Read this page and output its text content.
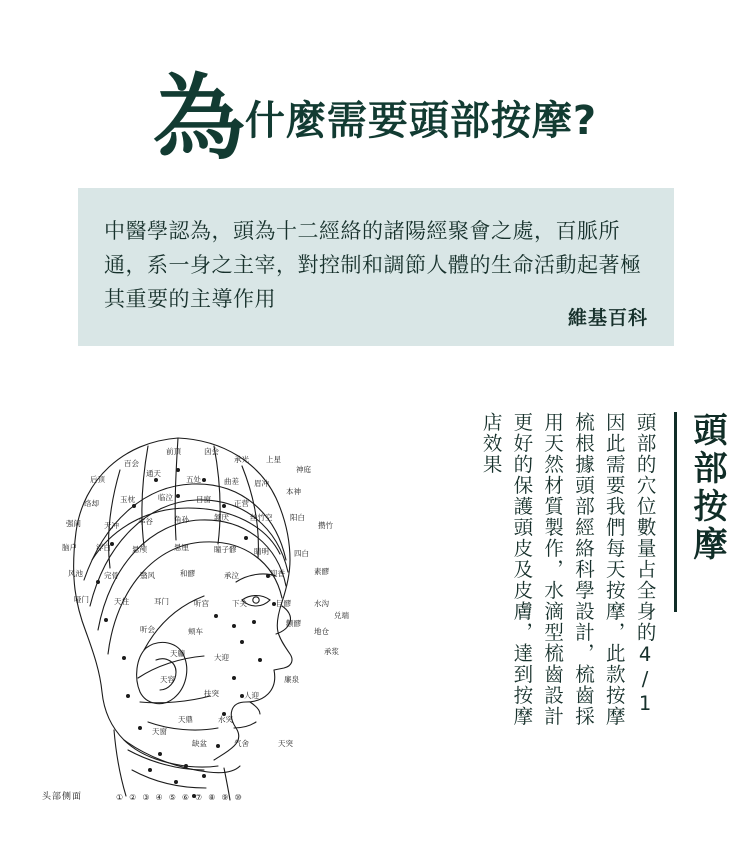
為 什麼需要頭部按摩?
中醫學認為，頭為十二經絡的諸陽經聚會之處，百脈所通，系一身之主宰，對控制和調節人體的生命活動起著極其重要的主導作用
維基百科
前頂	囟会
百会	承光 上星
神庭
后顶
通天
五处	曲差 眉冲
本神
络却	玉枕	临泣	目窗	正营
强间	天冲	率谷	角孙	颔厌	丝竹空 阳白
攒竹
脑户	浮白	悬颅	悬厘	瞳子髎 睛明	四白
风池	完骨	翳风	和髎	承泣	迎香	素髎
哑门	天柱	耳门	听宫	下关	巨髎	水沟
兑端
地仓
颧髎
听会	颊车
承浆
天牖	大迎
廉泉
天容
扶突	人迎
天鼎	水突
天窗
缺盆	气舍	天突
头部侧面	①②③④⑤⑥⑦⑧⑨⑩
頭部按摩
頭部的穴位數量占全身的4/1因此需要我們每天按摩，此款按摩梳根據頭部經絡科學設計，梳齒採用天然材質製作，水滴型梳齒設計更好的保護頭皮及皮膚，達到按摩店效果
